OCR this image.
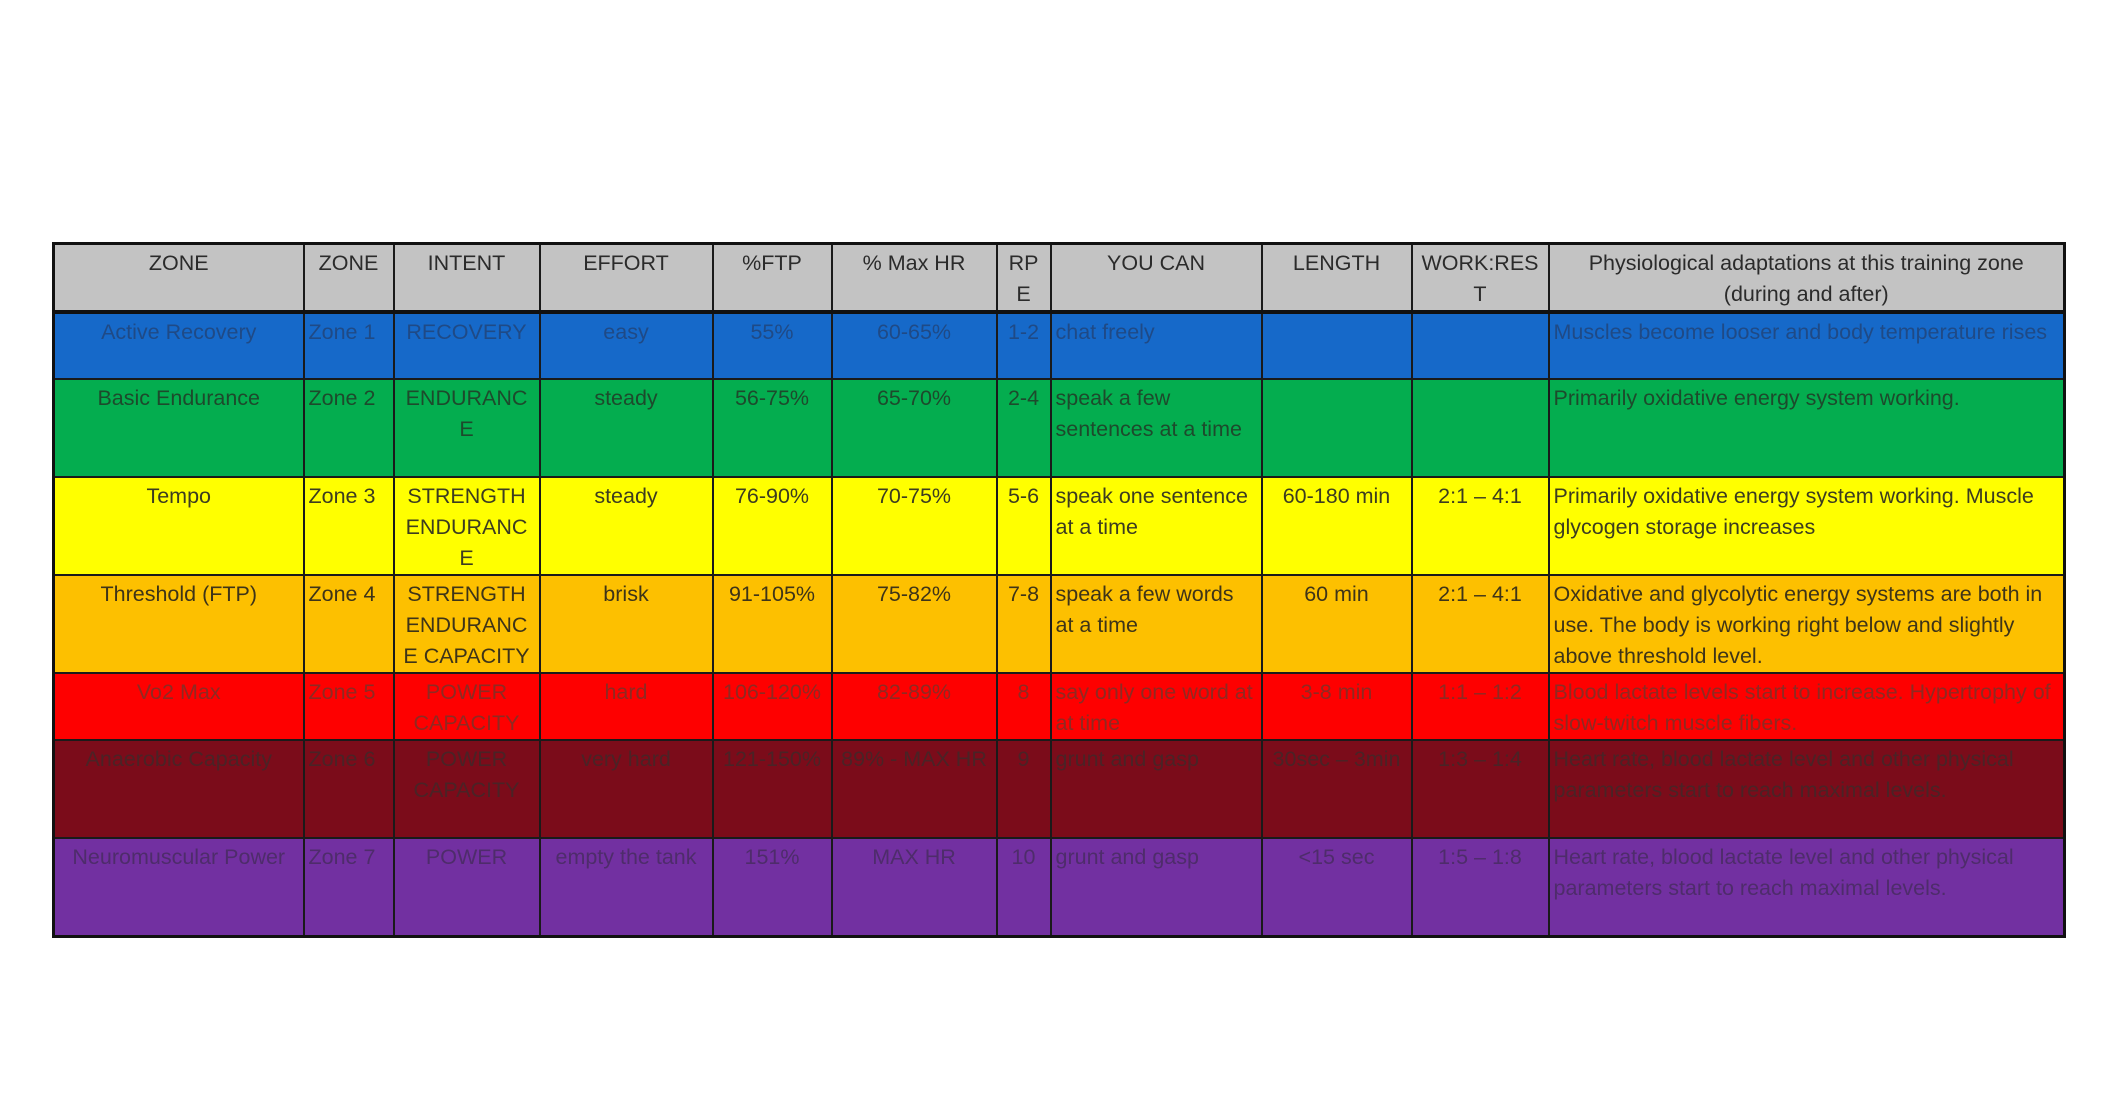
ZONE	ZONE	INTENT	EFFORT	%FTP	% Max HR	RPE	YOU CAN	LENGTH	WORK:REST	Physiological adaptations at this training zone (during and after)
Active Recovery	Zone 1	RECOVERY	easy	55%	60-65%	1-2	chat freely			Muscles become looser and body temperature rises
Basic Endurance	Zone 2	ENDURANCE	steady	56-75%	65-70%	2-4	speak a few sentences at a time			Primarily oxidative energy system working.
Tempo	Zone 3	STRENGTH ENDURANCE	steady	76-90%	70-75%	5-6	speak one sentence at a time	60-180 min	2:1 – 4:1	Primarily oxidative energy system working. Muscle glycogen storage increases
Threshold (FTP)	Zone 4	STRENGTH ENDURANCE CAPACITY	brisk	91-105%	75-82%	7-8	speak a few words at a time	60 min	2:1 – 4:1	Oxidative and glycolytic energy systems are both in use. The body is working right below and slightly above threshold level.
Vo2 Max	Zone 5	POWER CAPACITY	hard	106-120%	82-89%	8	say only one word at at time	3-8 min	1:1 – 1:2	Blood lactate levels start to increase. Hypertrophy of slow-twitch muscle fibers.
Anaerobic Capacity	Zone 6	POWER CAPACITY	very hard	121-150%	89% - MAX HR	9	grunt and gasp	30sec – 3min	1:3 – 1:4	Heart rate, blood lactate level and other physical parameters start to reach maximal levels.
Neuromuscular Power	Zone 7	POWER	empty the tank	151%	MAX HR	10	grunt and gasp	<15 sec	1:5 – 1:8	Heart rate, blood lactate level and other physical parameters start to reach maximal levels.
